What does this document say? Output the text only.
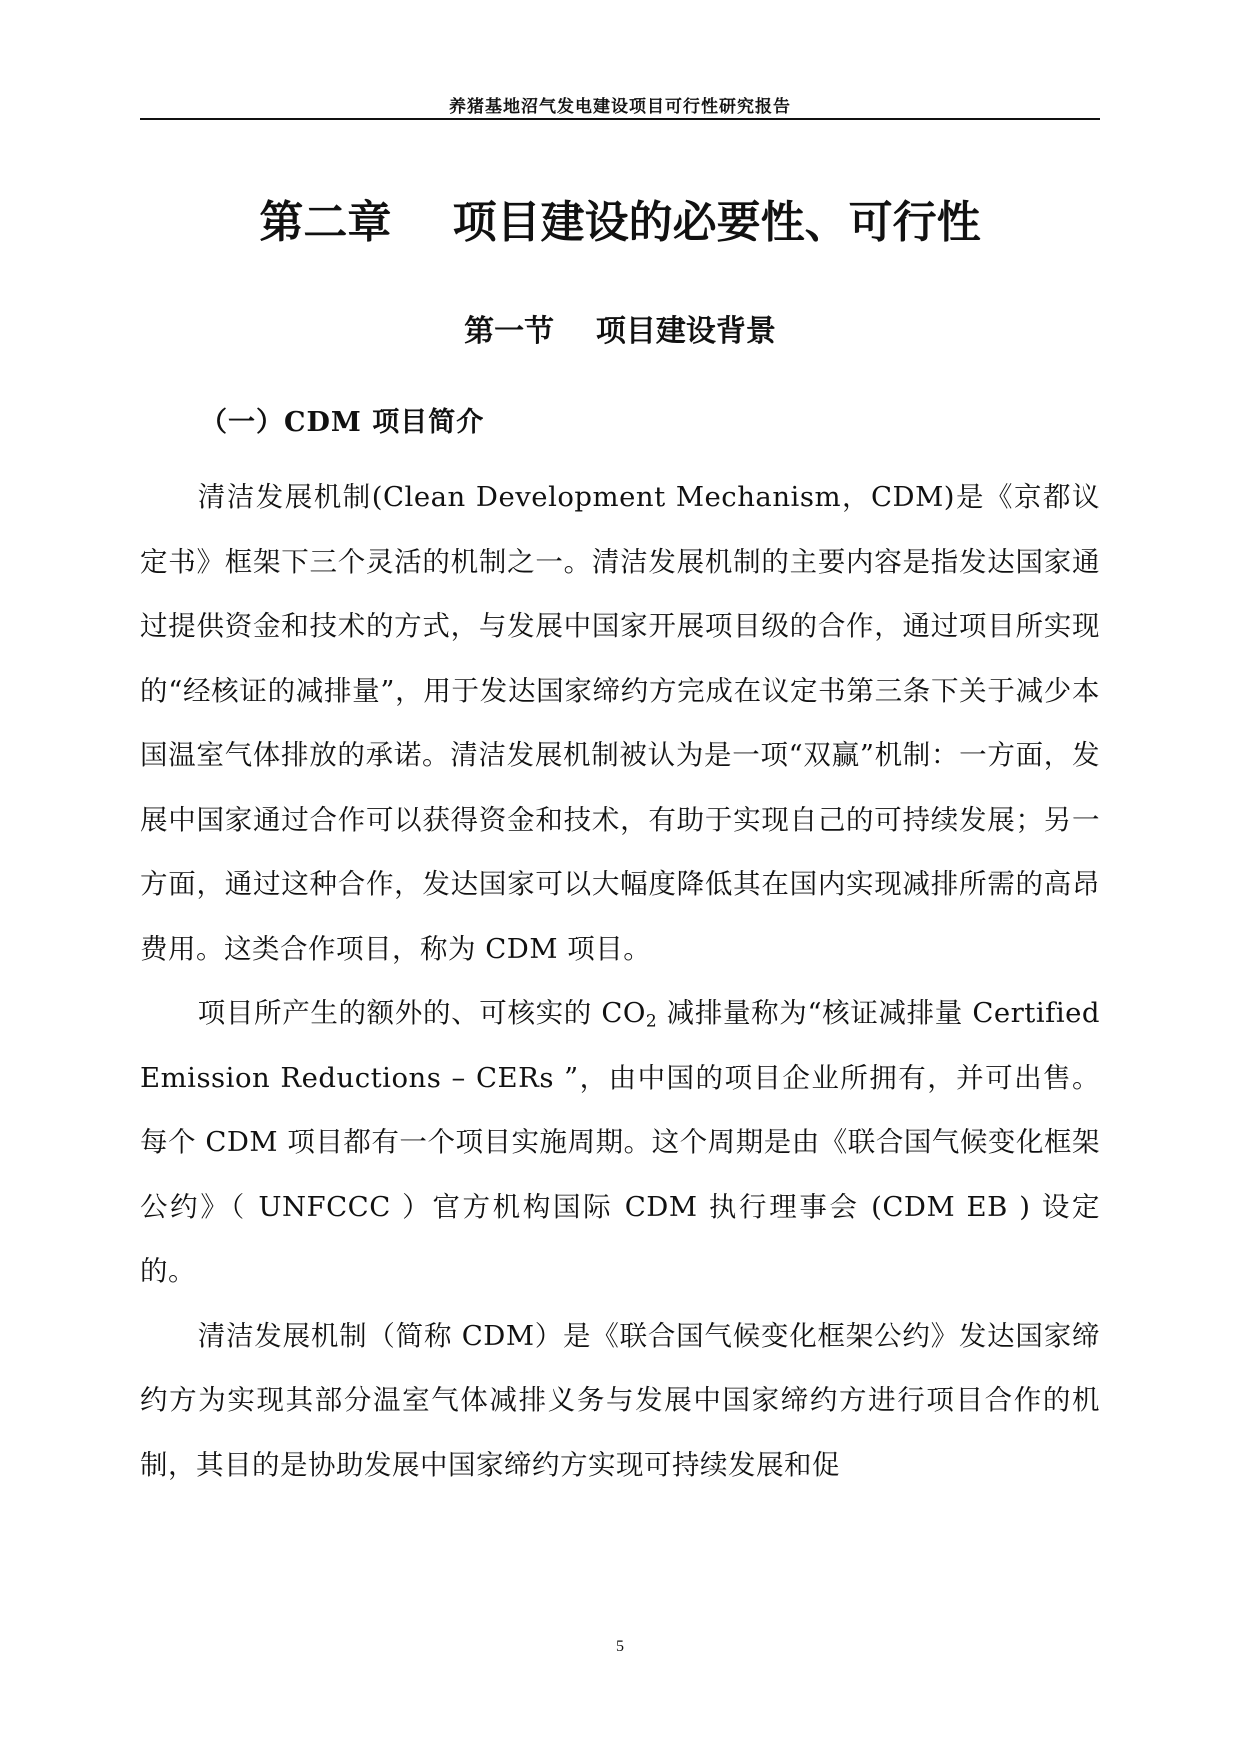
养猪基地沼气发电建设项目可行性研究报告
第二章    项目建设的必要性、可行性
第一节    项目建设背景
（一）CDM 项目简介

清洁发展机制(Clean Development Mechanism，CDM)是《京都议定书》框架下三个灵活的机制之一。清洁发展机制的主要内容是指发达国家通过提供资金和技术的方式，与发展中国家开展项目级的合作，通过项目所实现的“经核证的减排量”，用于发达国家缔约方完成在议定书第三条下关于减少本国温室气体排放的承诺。清洁发展机制被认为是一项“双赢”机制：一方面，发展中国家通过合作可以获得资金和技术，有助于实现自己的可持续发展；另一方面，通过这种合作，发达国家可以大幅度降低其在国内实现减排所需的高昂费用。这类合作项目，称为 CDM 项目。

项目所产生的额外的、可核实的 $CO_2$ 减排量称为“核证减排量 Certified Emission Reductions – CERs ”，由中国的项目企业所拥有，并可出售。每个 CDM 项目都有一个项目实施周期。这个周期是由《联合国气候变化框架公约》（ UNFCCC ）官方机构国际 CDM 执行理事会 (CDM EB ) 设定的。

清洁发展机制（简称 CDM）是《联合国气候变化框架公约》发达国家缔约方为实现其部分温室气体减排义务与发展中国家缔约方进行项目合作的机制，其目的是协助发展中国家缔约方实现可持续发展和促

5
